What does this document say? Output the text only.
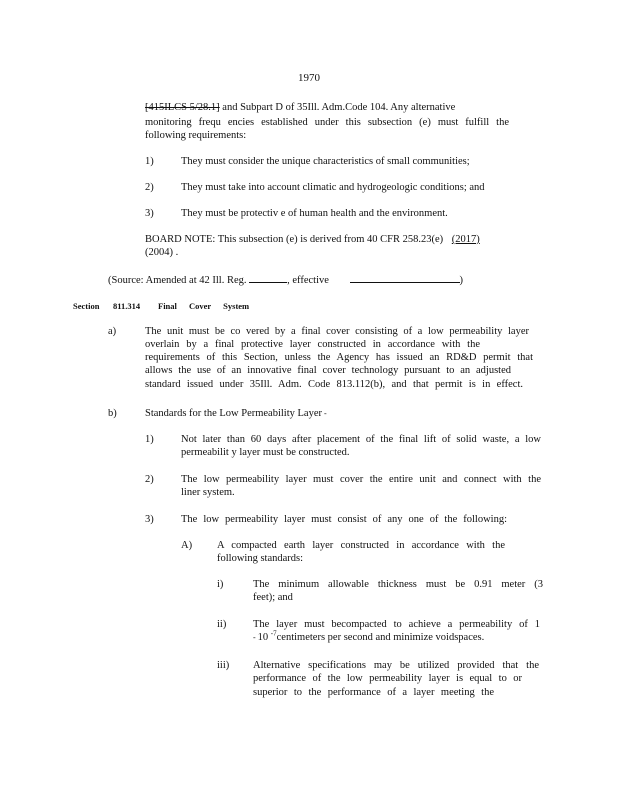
1970
[415ILCS 5/28.1] and Subpart D of 35Ill. Adm.Code 104. Any alternative
monitoring frequ encies established under this subsection (e) must fulfill the
following requirements:
1)	They must consider the unique characteristics of small communities;
2)	They must take into account climatic and hydrogeologic conditions; and
3)	They must be protectiv e of human health and the environment.
BOARD NOTE: This subsection (e) is derived from 40 CFR 258.23(e) (2017)
(2004) .
(Source: Amended at 42 Ill. Reg.	, effective	)
Section 811.314 Final Cover System
a)	The unit must be co vered by a final cover consisting of a low permeability layer
overlain by a final protective layer constructed in accordance with the
requirements of this Section, unless the Agency has issued an RD&D permit that
allows the use of an innovative final cover technology pursuant to an adjusted
standard issued under 35Ill. Adm. Code 813.112(b), and that permit is in effect.
b)	Standards for the Low Permeability Layer -
1)	Not later than 60 days after placement of the final lift of solid waste, a low
permeabilit y layer must be constructed.
2)	The low permeability layer must cover the entire unit and connect with the
liner system.
3)	The low permeability layer must consist of any one of the following:
A) A compacted earth layer constructed in accordance with the
following standards:
i)	The minimum allowable thickness must be 0.91 meter (3
feet); and
ii)	The layer must becompacted to achieve a permeability of 1
- 10 $^{-7}$centimeters per second and minimize voidspaces.
iii) Alternative specifications may be utilized provided that the
performance of the low permeability layer is equal to or
superior to the performance of a layer meeting the
